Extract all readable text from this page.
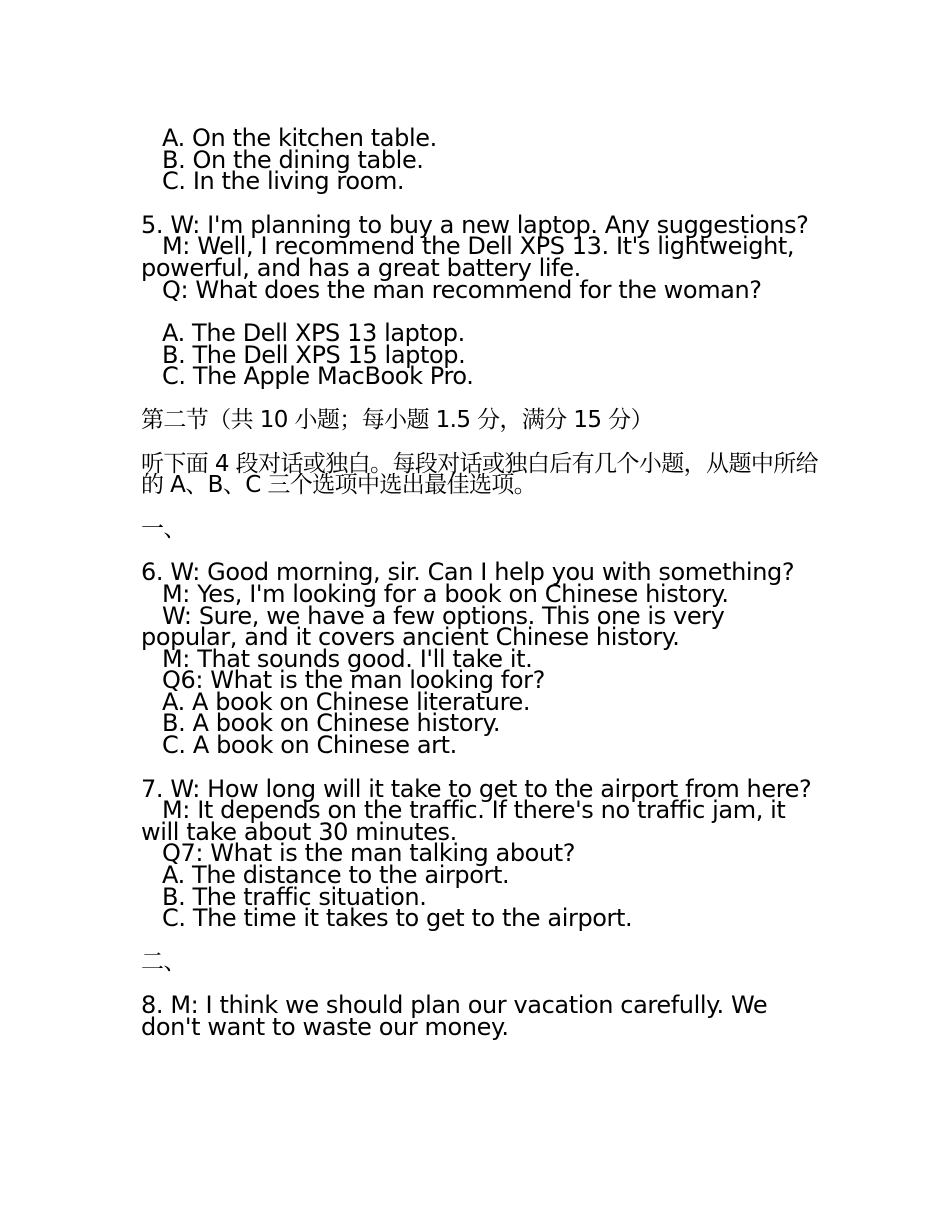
A. On the kitchen table.
B. On the dining table.
C. In the living room.
5. W: I'm planning to buy a new laptop. Any suggestions?
M: Well, I recommend the Dell XPS 13. It's lightweight, powerful, and has a great battery life.
Q: What does the man recommend for the woman?
A. The Dell XPS 13 laptop.
B. The Dell XPS 15 laptop.
C. The Apple MacBook Pro.
第二节（共 10 小题；每小题 1.5 分，满分 15 分）
听下面 4 段对话或独白。每段对话或独白后有几个小题，从题中所给的 A、B、C 三个选项中选出最佳选项。
一、
6. W: Good morning, sir. Can I help you with something?
M: Yes, I'm looking for a book on Chinese history.
W: Sure, we have a few options. This one is very popular, and it covers ancient Chinese history.
M: That sounds good. I'll take it.
Q6: What is the man looking for?
A. A book on Chinese literature.
B. A book on Chinese history.
C. A book on Chinese art.
7. W: How long will it take to get to the airport from here?
M: It depends on the traffic. If there's no traffic jam, it will take about 30 minutes.
Q7: What is the man talking about?
A. The distance to the airport.
B. The traffic situation.
C. The time it takes to get to the airport.
二、
8. M: I think we should plan our vacation carefully. We don't want to waste our money.
